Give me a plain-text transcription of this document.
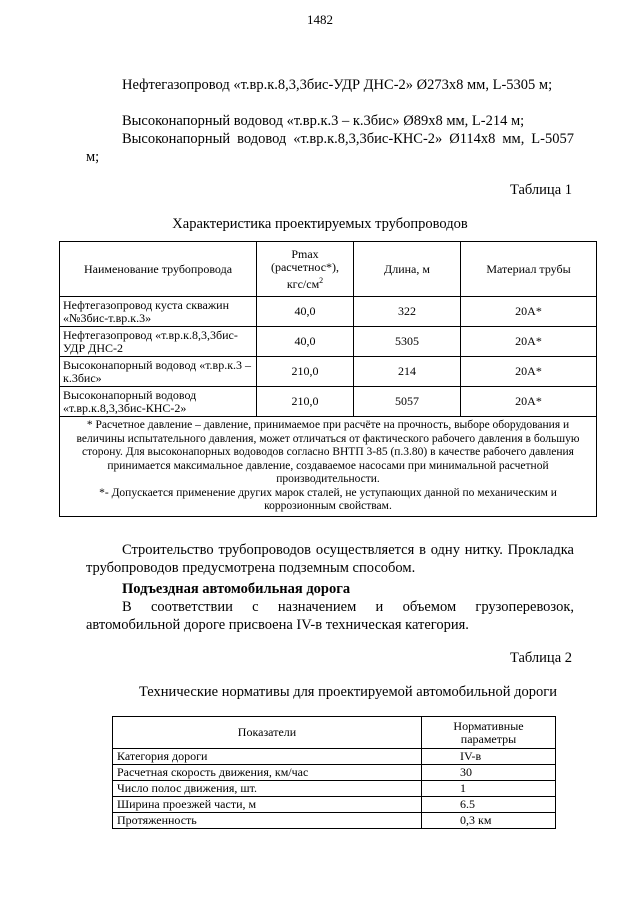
1482
Нефтегазопровод «т.вр.к.8,3,3бис-УДР ДНС-2» Ø273х8 мм, L-5305 м;
Высоконапорный водовод «т.вр.к.3 – к.3бис» Ø89х8 мм, L-214 м;
Высоконапорный водовод «т.вр.к.8,3,3бис-КНС-2» Ø114х8 мм, L-5057 м;
Таблица 1
Характеристика проектируемых трубопроводов
Наименование трубопровода	Pmax (расчетнос*), кгс/$см^2$	Длина, м	Материал трубы
Нефтегазопровод куста скважин «№3бис-т.вр.к.3»	40,0	322	20А*
Нефтегазопровод «т.вр.к.8,3,3бис-УДР ДНС-2	40,0	5305	20А*
Высоконапорный водовод «т.вр.к.3 – к.3бис»	210,0	214	20А*
Высоконапорный водовод «т.вр.к.8,3,3бис-КНС-2»	210,0	5057	20А*

* Расчетное давление – давление, принимаемое при расчёте на прочность, выборе оборудования и величины испытательного давления, может отличаться от фактического рабочего давления в большую сторону. Для высоконапорных водоводов согласно ВНТП 3-85 (п.3.80) в качестве рабочего давления принимается максимальное давление, создаваемое насосами при минимальной расчетной производительности.
*- Допускается применение других марок сталей, не уступающих данной по механическим и коррозионным свойствам.			
Строительство трубопроводов осуществляется в одну нитку. Прокладка трубопроводов предусмотрена подземным способом.
Подъездная автомобильная дорога
В соответствии с назначением и объемом грузоперевозок, автомобильной дороге присвоена IV-в техническая категория.
Таблица 2
Технические нормативы для проектируемой автомобильной дороги
Показатели	Нормативные параметры
Категория дороги	IV-в
Расчетная скорость движения, км/час	30
Число полос движения, шт.	1
Ширина проезжей части, м	6.5
Протяженность	0,3 км
